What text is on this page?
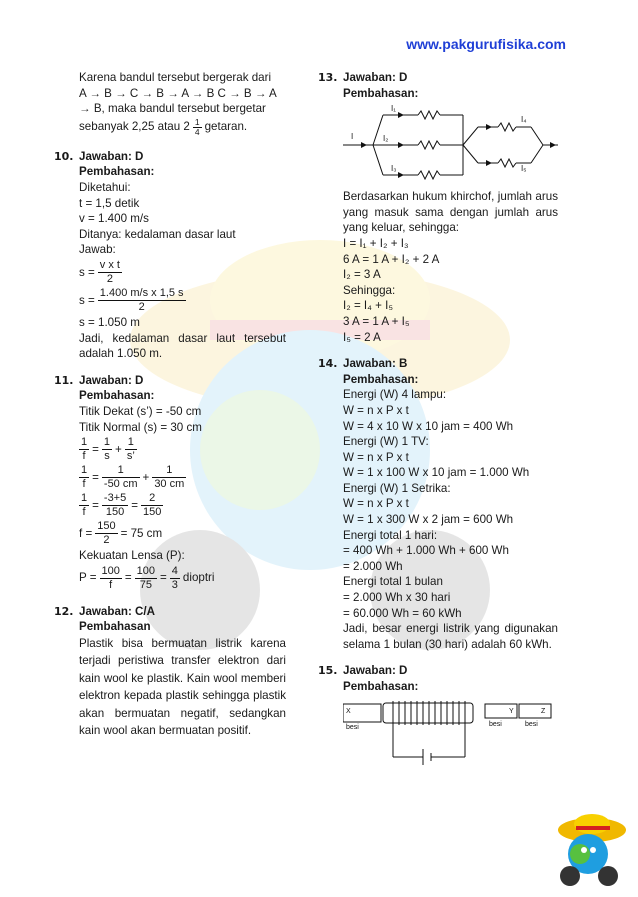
www.pakgurufisika.com
Karena bandul tersebut bergerak dari
A → B → C → B → A → B C → B → A
→ B, maka bandul tersebut bergetar
sebanyak 2,25 atau $2 \frac{1}{4}$ getaran.
10. Jawaban: D
Pembahasan:
Diketahui:
t = 1,5 detik
v = 1.400 m/s
Ditanya: kedalaman dasar laut
Jawab:
$s = \frac{\text{v x t}}{2}$
$s = \frac{\text{1.400 m/s x 1,5 s}}{2}$
s = 1.050 m
Jadi, kedalaman dasar laut tersebut adalah 1.050 m.
11. Jawaban: D
Pembahasan:
Titik Dekat (s’) = -50 cm
Titik Normal (s) = 30 cm
$\frac{1}{f} = \frac{1}{s} + \frac{1}{s’}$
$\frac{1}{f} = \frac{1}{-50 cm} + \frac{1}{30 cm}$
$\frac{1}{f} = \frac{-3+5}{150} = \frac{2}{150}$
$f = \frac{150}{2} = 75$ cm
Kekuatan Lensa (P):
$P = \frac{100}{f} = \frac{100}{75} = \frac{4}{3}$ dioptri
12. Jawaban: C/A
Pembahasan
Plastik bisa bermuatan listrik karena terjadi peristiwa transfer elektron dari kain wool ke plastik. Kain wool memberi elektron kepada plastik sehingga plastik akan bermuatan negatif, sedangkan kain wool akan bermuatan positif.
13. Jawaban: D
Pembahasan:
I
I₁
I₂
I₃
I₄
I₅
Berdasarkan hukum khirchof, jumlah arus yang masuk sama dengan jumlah arus yang keluar, sehingga:
I = I₁ + I₂ + I₃
6 A = 1 A + I₂ + 2 A
I₂ = 3 A
Sehingga:
I₂ = I₄ + I₅
3 A = 1 A + I₅
I₅ = 2 A
14. Jawaban: B
Pembahasan:
Energi (W) 4 lampu:
W = n x P x t
W = 4 x 10 W x 10 jam = 400 Wh
Energi (W) 1 TV:
W = n x P x t
W = 1 x 100 W x 10 jam = 1.000 Wh
Energi (W) 1 Setrika:
W = n x P x t
W = 1 x 300 W x 2 jam = 600 Wh
Energi total 1 hari:
= 400 Wh + 1.000 Wh + 600 Wh
= 2.000 Wh
Energi total 1 bulan
= 2.000 Wh x 30 hari
= 60.000 Wh = 60 kWh
Jadi, besar energi listrik yang digunakan selama 1 bulan (30 hari) adalah 60 kWh.
15. Jawaban: D
Pembahasan:
X
besi
Y	Z
besi	besi
